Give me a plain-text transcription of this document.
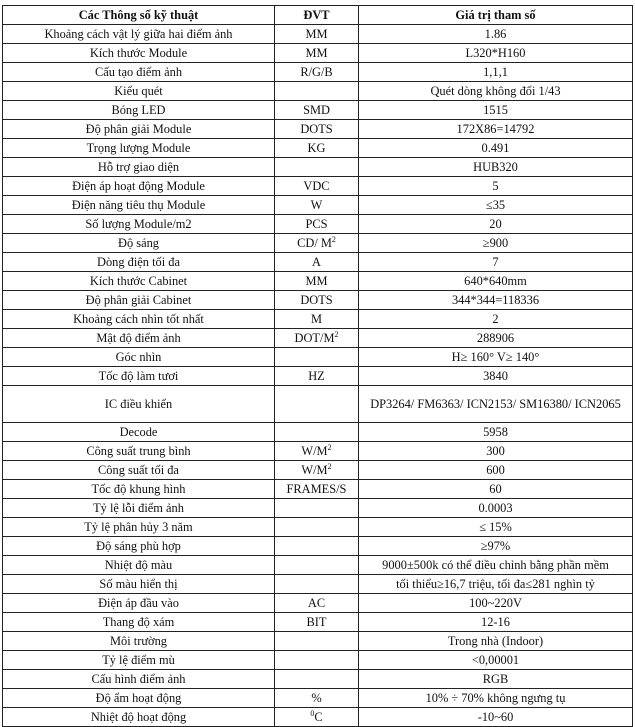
Các Thông số kỹ thuật	ĐVT	Giá trị tham số
Khoảng cách vật lý giữa hai điểm ảnh	MM	1.86
Kích thước Module	MM	L320*H160
Cấu tạo điểm ảnh	R/G/B	1,1,1
Kiểu quét		Quét dòng không đổi 1/43
Bóng LED	SMD	1515
Độ phân giải Module	DOTS	172X86=14792
Trọng lượng Module	KG	0.491
Hỗ trợ giao diện		HUB320
Điện áp hoạt động Module	VDC	5
Điện năng tiêu thụ Module	W	≤35
Số lượng Module/m2	PCS	20
Độ sáng	CD/ $M^2$	≥900
Dòng điện tối đa	A	7
Kích thước Cabinet	MM	640*640mm
Độ phân giải Cabinet	DOTS	344*344=118336
Khoảng cách nhìn tốt nhất	M	2
Mật độ điểm ảnh	DOT/$M^2$	288906
Góc nhìn		H≥ 160° V≥ 140°
Tốc độ làm tươi	HZ	3840
IC điều khiển		DP3264/ FM6363/ ICN2153/ SM16380/ ICN2065
Decode		5958
Công suất trung bình	$W/M^2$	300
Công suất tối đa	$W/M^2$	600
Tốc độ khung hình	FRAMES/S	60
Tỷ lệ lỗi điểm ảnh		0.0003
Tỷ lệ phân hủy 3 năm		≤ 15%
Độ sáng phù hợp		≥97%
Nhiệt độ màu		9000±500k có thể điều chỉnh bằng phần mềm
Số màu hiển thị		tối thiểu≥16,7 triệu, tối đa≤281 nghìn tỷ
Điện áp đầu vào	AC	100~220V
Thang độ xám	BIT	12-16
Môi trường		Trong nhà (Indoor)
Tỷ lệ điểm mù		<0,00001
Cấu hình điểm ảnh		RGB
Độ ẩm hoạt động	%	10% ÷ 70% không ngưng tụ
Nhiệt độ hoạt động	$^0$C	-10~60
